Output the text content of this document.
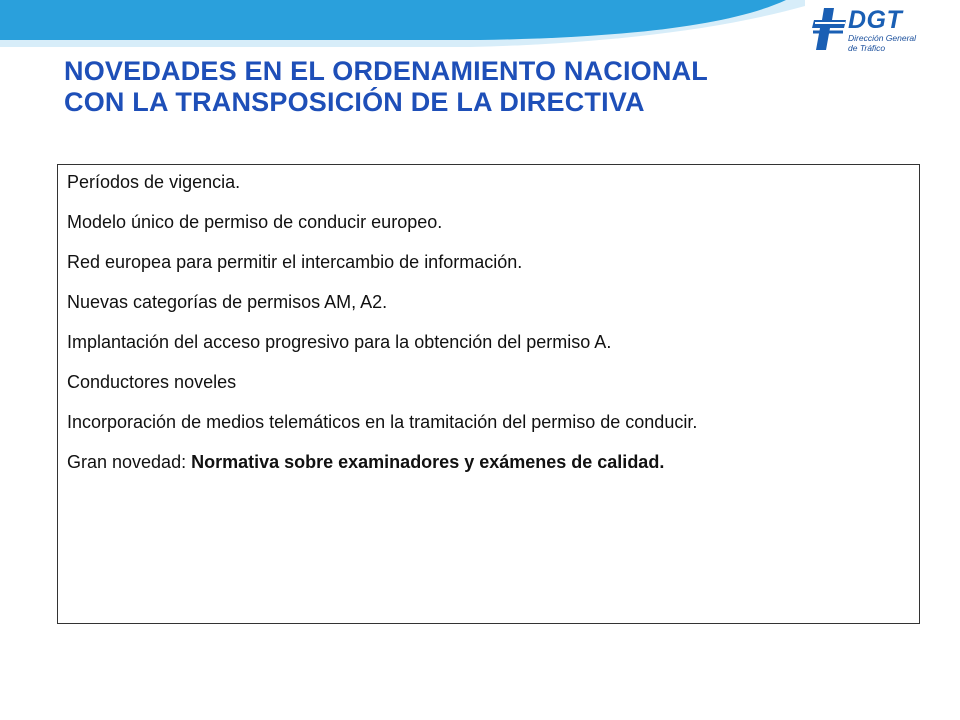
DGT
Dirección General
de Tráfico
NOVEDADES EN EL ORDENAMIENTO NACIONAL
CON LA TRANSPOSICIÓN DE LA DIRECTIVA
Períodos de vigencia.
Modelo único de permiso de conducir europeo.
Red europea para permitir el intercambio de información.
Nuevas categorías de permisos AM, A2.
Implantación del acceso progresivo para la obtención del permiso A.
Conductores noveles
Incorporación de medios telemáticos en la tramitación del permiso de conducir.
Gran novedad: Normativa sobre examinadores y exámenes de calidad.
